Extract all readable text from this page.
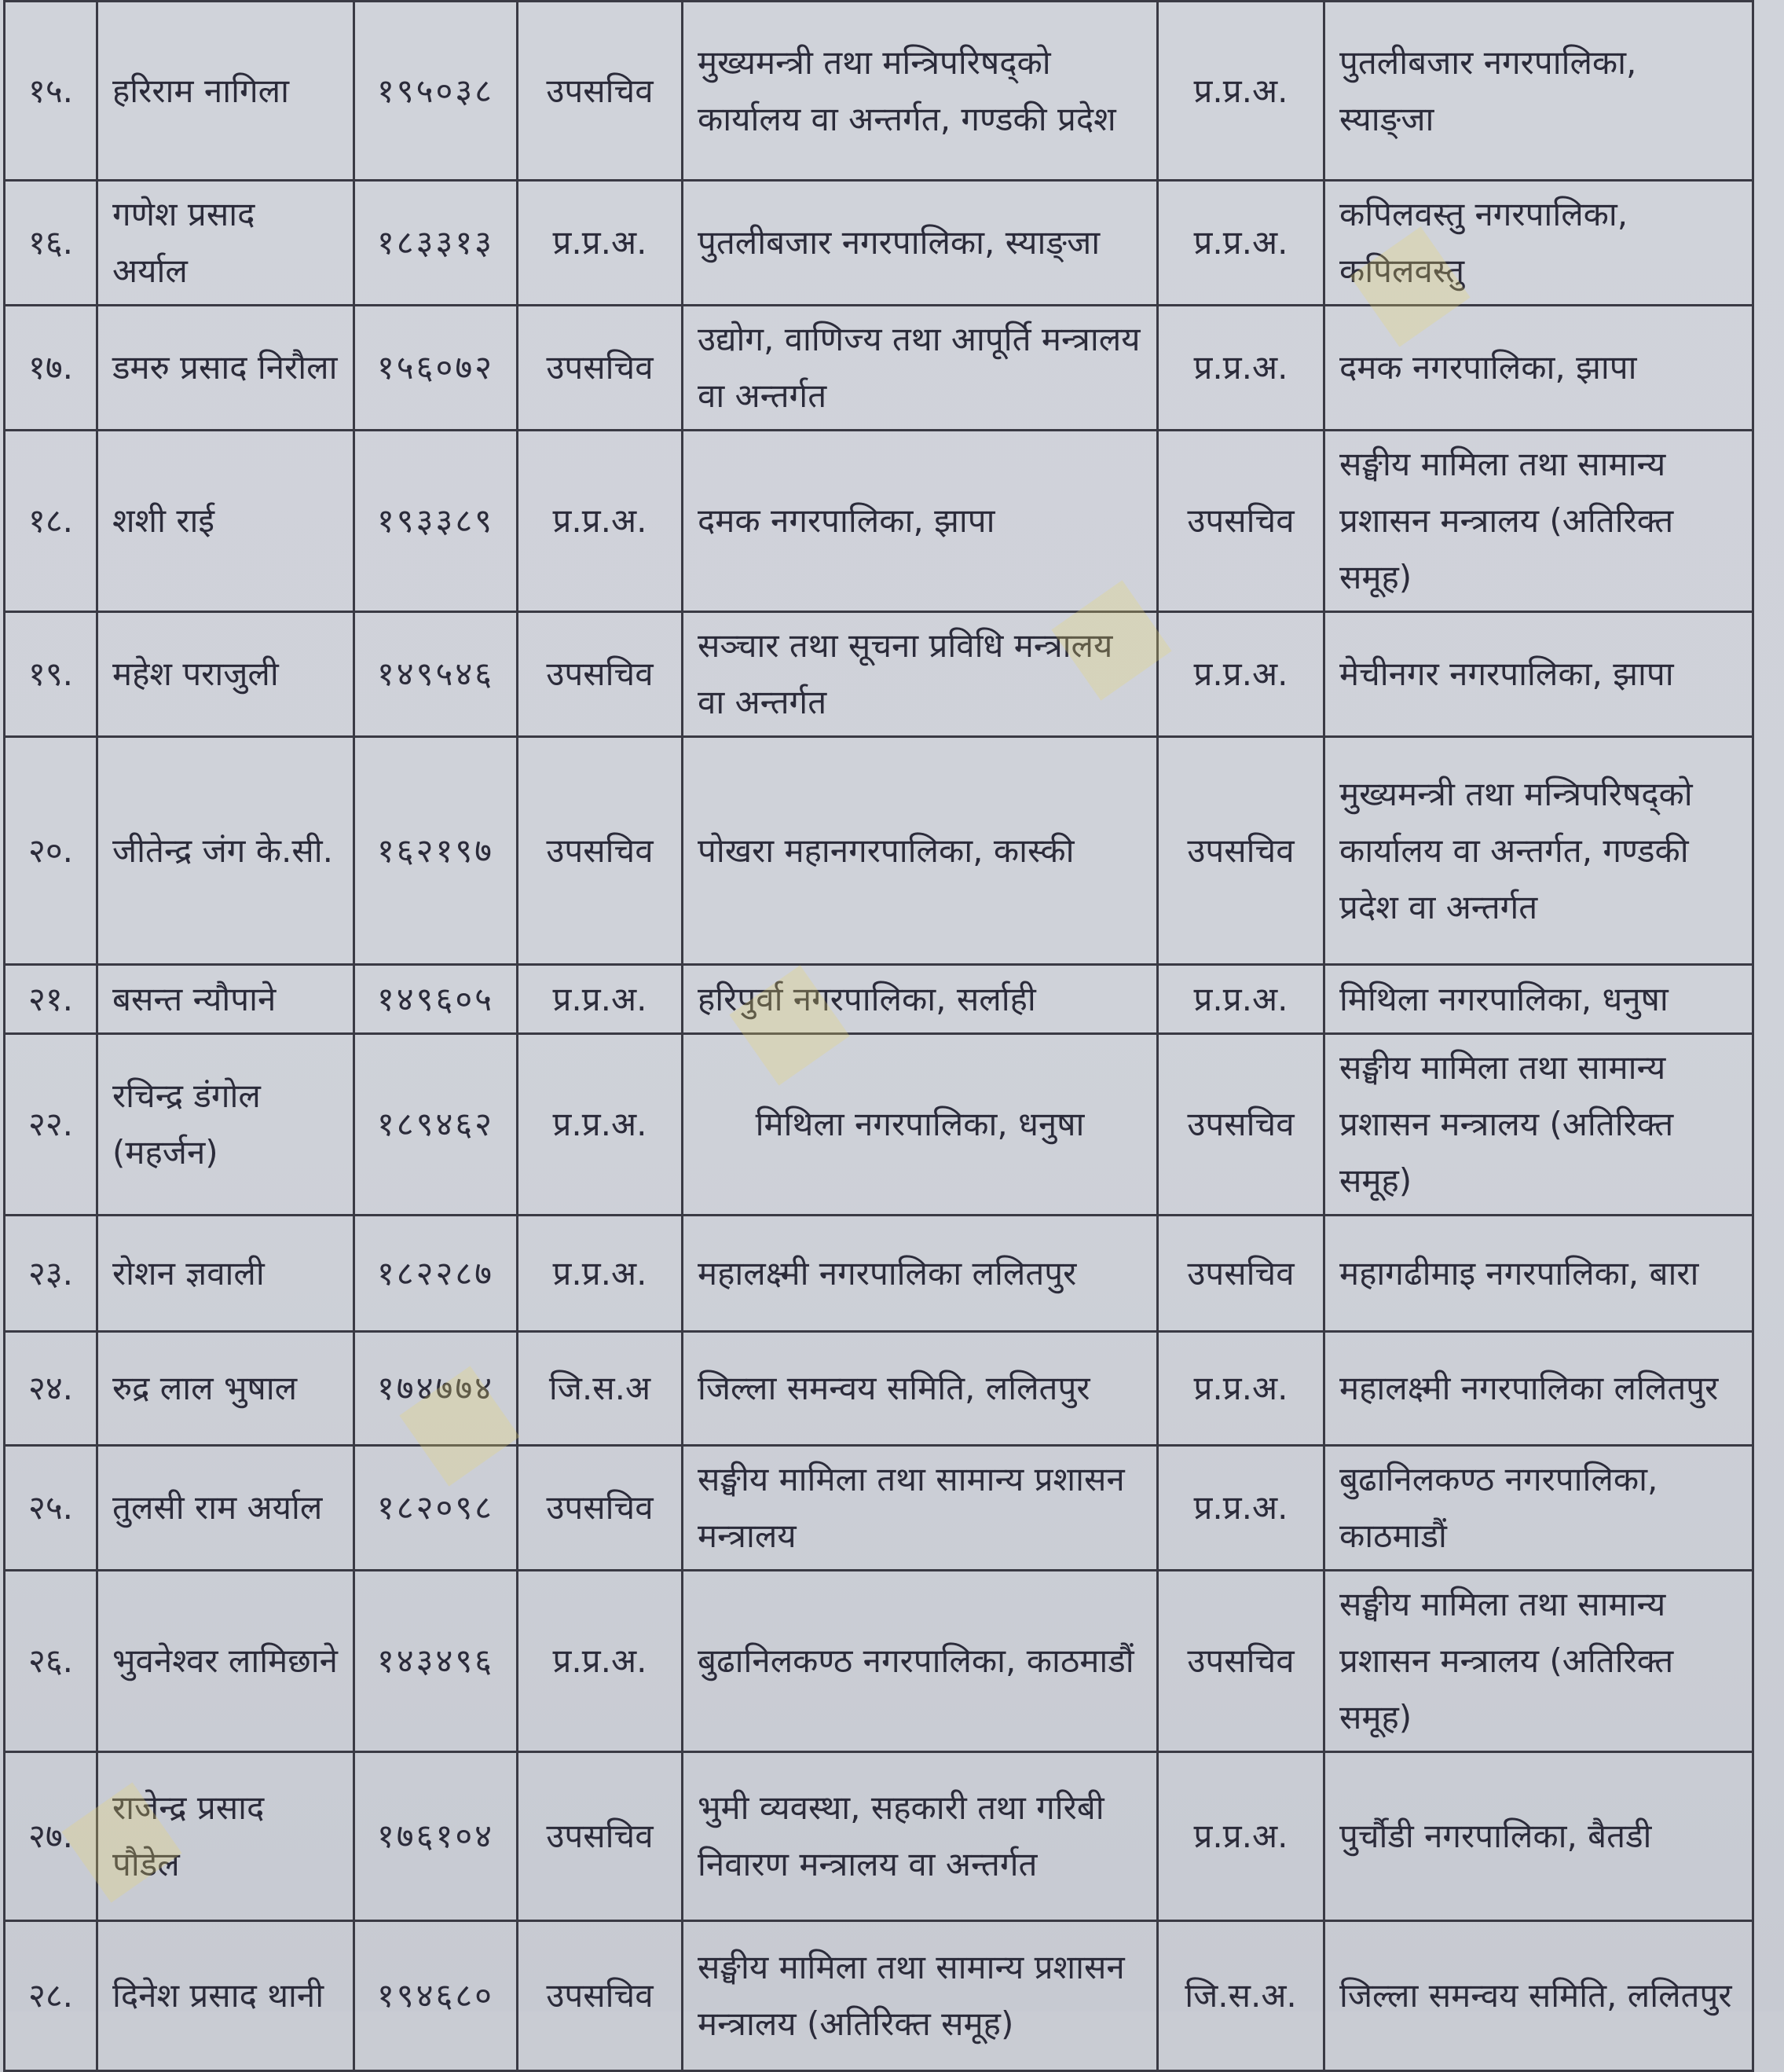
१५.	हरिराम नागिला	१९५०३८	उपसचिव	मुख्यमन्त्री तथा मन्त्रिपरिषद्को कार्यालय वा अन्तर्गत, गण्डकी प्रदेश	प्र.प्र.अ.	पुतलीबजार नगरपालिका, स्याङ्जा
१६.	गणेश प्रसाद अर्याल	१८३३१३	प्र.प्र.अ.	पुतलीबजार नगरपालिका, स्याङ्जा	प्र.प्र.अ.	कपिलवस्तु नगरपालिका, कपिलवस्तु
१७.	डमरु प्रसाद निरौला	१५६०७२	उपसचिव	उद्योग, वाणिज्य तथा आपूर्ति मन्त्रालय वा अन्तर्गत	प्र.प्र.अ.	दमक नगरपालिका, झापा
१८.	शशी राई	१९३३८९	प्र.प्र.अ.	दमक नगरपालिका, झापा	उपसचिव	सङ्घीय मामिला तथा सामान्य प्रशासन मन्त्रालय (अतिरिक्त समूह)
१९.	महेश पराजुली	१४९५४६	उपसचिव	सञ्चार तथा सूचना प्रविधि मन्त्रालय वा अन्तर्गत	प्र.प्र.अ.	मेचीनगर नगरपालिका, झापा
२०.	जीतेन्द्र जंग के.सी.	१६२१९७	उपसचिव	पोखरा महानगरपालिका, कास्की	उपसचिव	मुख्यमन्त्री तथा मन्त्रिपरिषद्को कार्यालय वा अन्तर्गत, गण्डकी प्रदेश वा अन्तर्गत
२१.	बसन्त न्यौपाने	१४९६०५	प्र.प्र.अ.	हरिपुर्वा नगरपालिका, सर्लाही	प्र.प्र.अ.	मिथिला नगरपालिका, धनुषा
२२.	रचिन्द्र डंगोल (महर्जन)	१८९४६२	प्र.प्र.अ.	मिथिला नगरपालिका, धनुषा	उपसचिव	सङ्घीय मामिला तथा सामान्य प्रशासन मन्त्रालय (अतिरिक्त समूह)
२३.	रोशन ज्ञवाली	१८२२८७	प्र.प्र.अ.	महालक्ष्मी नगरपालिका ललितपुर	उपसचिव	महागढीमाइ नगरपालिका, बारा
२४.	रुद्र लाल भुषाल	१७४७७४	जि.स.अ	जिल्ला समन्वय समिति, ललितपुर	प्र.प्र.अ.	महालक्ष्मी नगरपालिका ललितपुर
२५.	तुलसी राम अर्याल	१८२०९८	उपसचिव	सङ्घीय मामिला तथा सामान्य प्रशासन मन्त्रालय	प्र.प्र.अ.	बुढानिलकण्ठ नगरपालिका, काठमाडौं
२६.	भुवनेश्वर लामिछाने	१४३४९६	प्र.प्र.अ.	बुढानिलकण्ठ नगरपालिका, काठमाडौं	उपसचिव	सङ्घीय मामिला तथा सामान्य प्रशासन मन्त्रालय (अतिरिक्त समूह)
२७.	राजेन्द्र प्रसाद पौडेल	१७६१०४	उपसचिव	भुमी व्यवस्था, सहकारी तथा गरिबी निवारण मन्त्रालय वा अन्तर्गत	प्र.प्र.अ.	पुर्चौडी नगरपालिका, बैतडी
२८.	दिनेश प्रसाद थानी	१९४६८०	उपसचिव	सङ्घीय मामिला तथा सामान्य प्रशासन मन्त्रालय (अतिरिक्त समूह)	जि.स.अ.	जिल्ला समन्वय समिति, ललितपुर
